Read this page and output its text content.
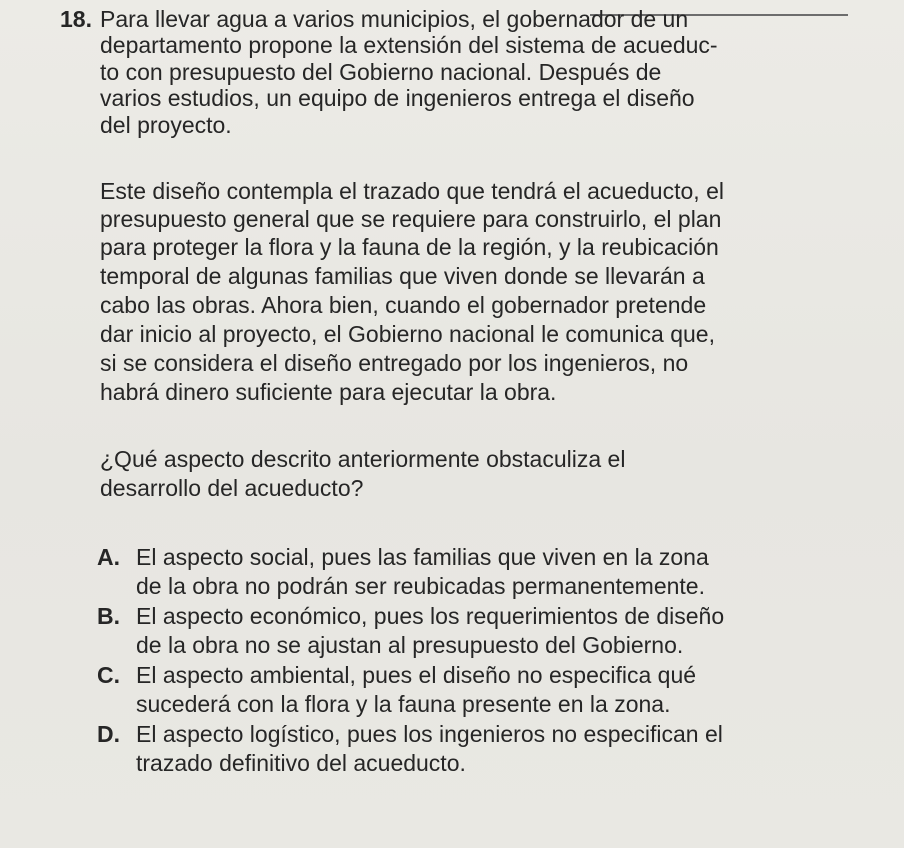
18. Para llevar agua a varios municipios, el gobernador de un
departamento propone la extensión del sistema de acueduc-
to con presupuesto del Gobierno nacional. Después de
varios estudios, un equipo de ingenieros entrega el diseño
del proyecto.
Este diseño contempla el trazado que tendrá el acueducto, el
presupuesto general que se requiere para construirlo, el plan
para proteger la flora y la fauna de la región, y la reubicación
temporal de algunas familias que viven donde se llevarán a
cabo las obras. Ahora bien, cuando el gobernador pretende
dar inicio al proyecto, el Gobierno nacional le comunica que,
si se considera el diseño entregado por los ingenieros, no
habrá dinero suficiente para ejecutar la obra.
¿Qué aspecto descrito anteriormente obstaculiza el
desarrollo del acueducto?
A. El aspecto social, pues las familias que viven en la zona
de la obra no podrán ser reubicadas permanentemente.
B. El aspecto económico, pues los requerimientos de diseño
de la obra no se ajustan al presupuesto del Gobierno.
C. El aspecto ambiental, pues el diseño no especifica qué
sucederá con la flora y la fauna presente en la zona.
D. El aspecto logístico, pues los ingenieros no especifican el
trazado definitivo del acueducto.
